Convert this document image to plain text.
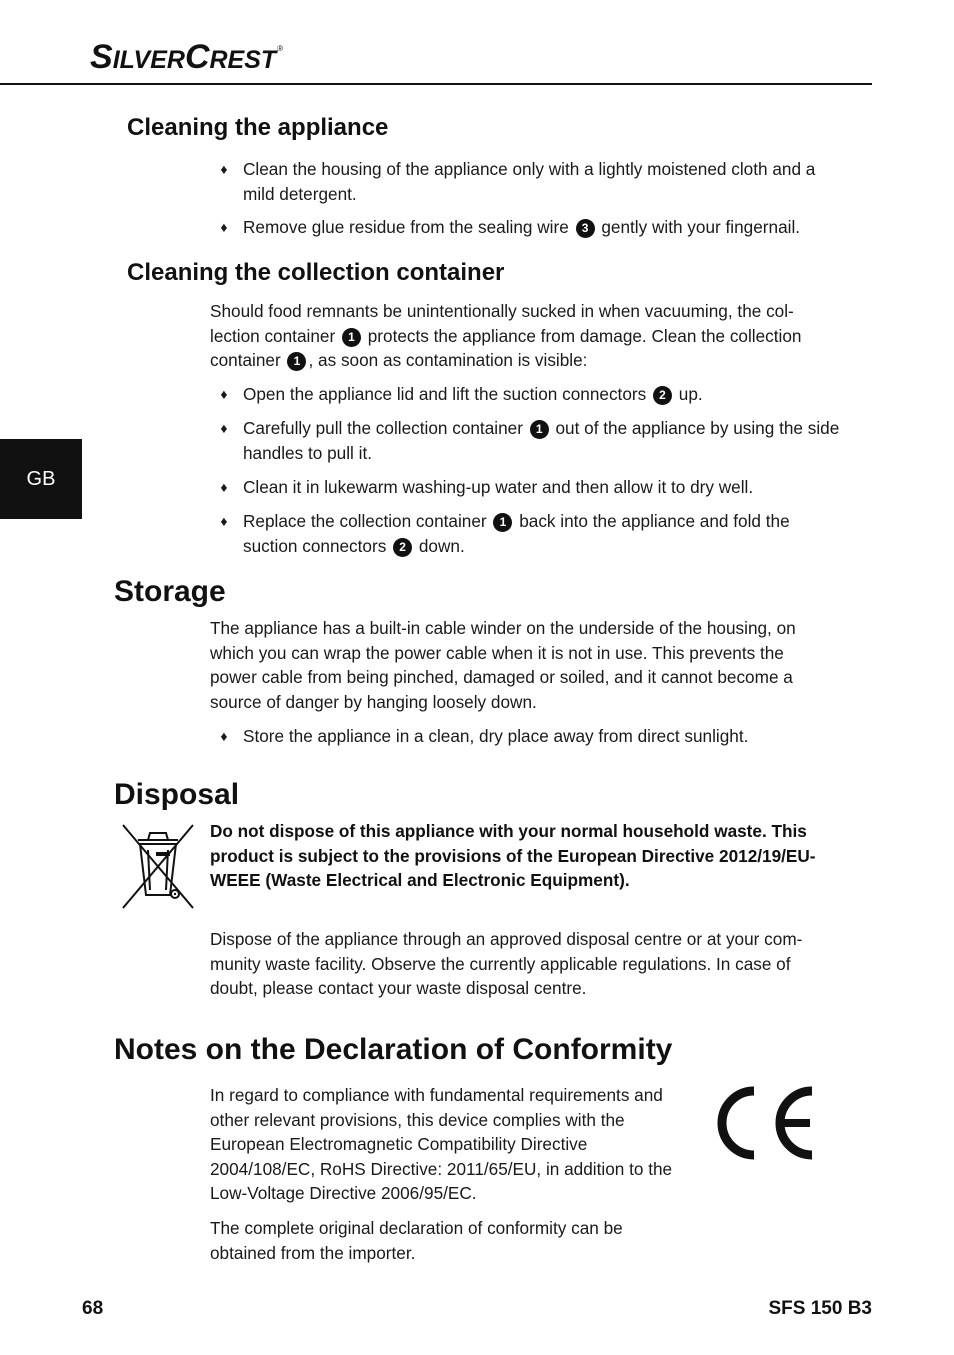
SILVERCREST®
GB
Cleaning the appliance
♦ Clean the housing of the appliance only with a lightly moistened cloth and a mild detergent.
♦ Remove glue residue from the sealing wire 3 gently with your fingernail.
Cleaning the collection container

Should food remnants be unintentionally sucked in when vacuuming, the col-lection container 1 protects the appliance from damage. Clean the collection container 1 , as soon as contamination is visible:

♦ Open the appliance lid and lift the suction connectors 2 up.
♦ Carefully pull the collection container 1 out of the appliance by using the side handles to pull it.
♦ Clean it in lukewarm washing-up water and then allow it to dry well.
♦ Replace the collection container 1 back into the appliance and fold the suction connectors 2 down.
Storage

The appliance has a built-in cable winder on the underside of the housing, on which you can wrap the power cable when it is not in use. This prevents the power cable from being pinched, damaged or soiled, and it cannot become a source of danger by hanging loosely down.

♦ Store the appliance in a clean, dry place away from direct sunlight.
Disposal

Do not dispose of this appliance with your normal household waste. This product is subject to the provisions of the European Directive 2012/19/EU-WEEE (Waste Electrical and Electronic Equipment).

Dispose of the appliance through an approved disposal centre or at your com-munity waste facility. Observe the currently applicable regulations. In case of doubt, please contact your waste disposal centre.

Notes on the Declaration of Conformity

In regard to compliance with fundamental requirements and other relevant provisions, this device complies with the European Electromagnetic Compatibility Directive 2004/108/EC, RoHS Directive: 2011/65/EU, in addition to the Low-Voltage Directive 2006/95/EC.

The complete original declaration of conformity can be obtained from the importer.

68	SFS 150 B3
